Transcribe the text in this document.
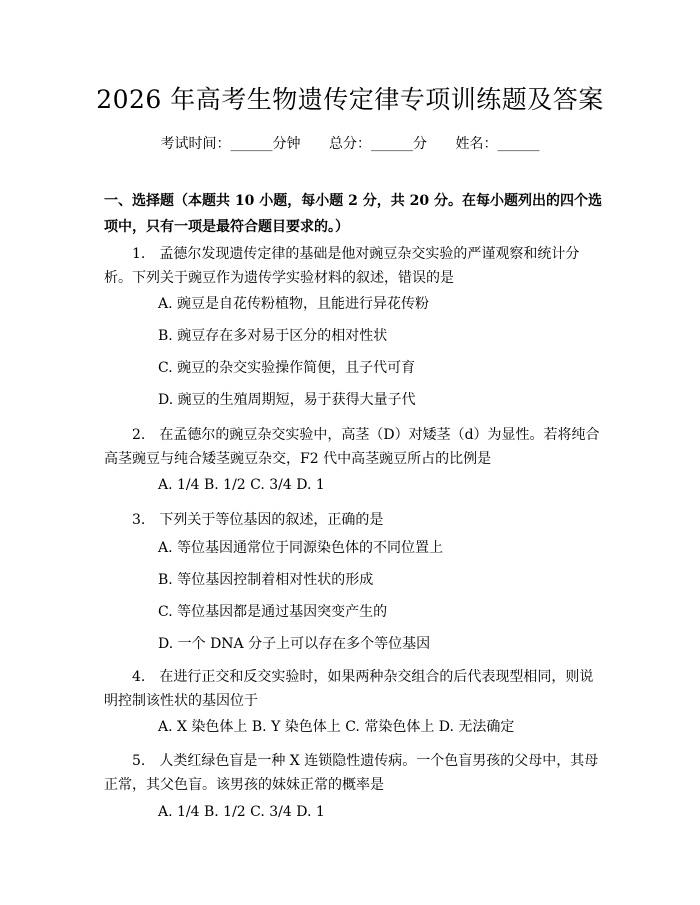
2026 年高考生物遗传定律专项训练题及答案
考试时间：______分钟 总分：______分 姓名：______
一、选择题（本题共 10 小题，每小题 2 分，共 20 分。在每小题列出的四个选项中，只有一项是最符合题目要求的。）
1.　孟德尔发现遗传定律的基础是他对豌豆杂交实验的严谨观察和统计分析。下列关于豌豆作为遗传学实验材料的叙述，错误的是
A. 豌豆是自花传粉植物，且能进行异花传粉
B. 豌豆存在多对易于区分的相对性状
C. 豌豆的杂交实验操作简便，且子代可育
D. 豌豆的生殖周期短，易于获得大量子代
2.　在孟德尔的豌豆杂交实验中，高茎（D）对矮茎（d）为显性。若将纯合高茎豌豆与纯合矮茎豌豆杂交，F2 代中高茎豌豆所占的比例是
A. 1/4 B. 1/2 C. 3/4 D. 1
3.　下列关于等位基因的叙述，正确的是
A. 等位基因通常位于同源染色体的不同位置上
B. 等位基因控制着相对性状的形成
C. 等位基因都是通过基因突变产生的
D. 一个 DNA 分子上可以存在多个等位基因
4.　在进行正交和反交实验时，如果两种杂交组合的后代表现型相同，则说明控制该性状的基因位于
A. X 染色体上 B. Y 染色体上 C. 常染色体上 D. 无法确定
5.　人类红绿色盲是一种 X 连锁隐性遗传病。一个色盲男孩的父母中，其母正常，其父色盲。该男孩的妹妹正常的概率是
A. 1/4 B. 1/2 C. 3/4 D. 1
